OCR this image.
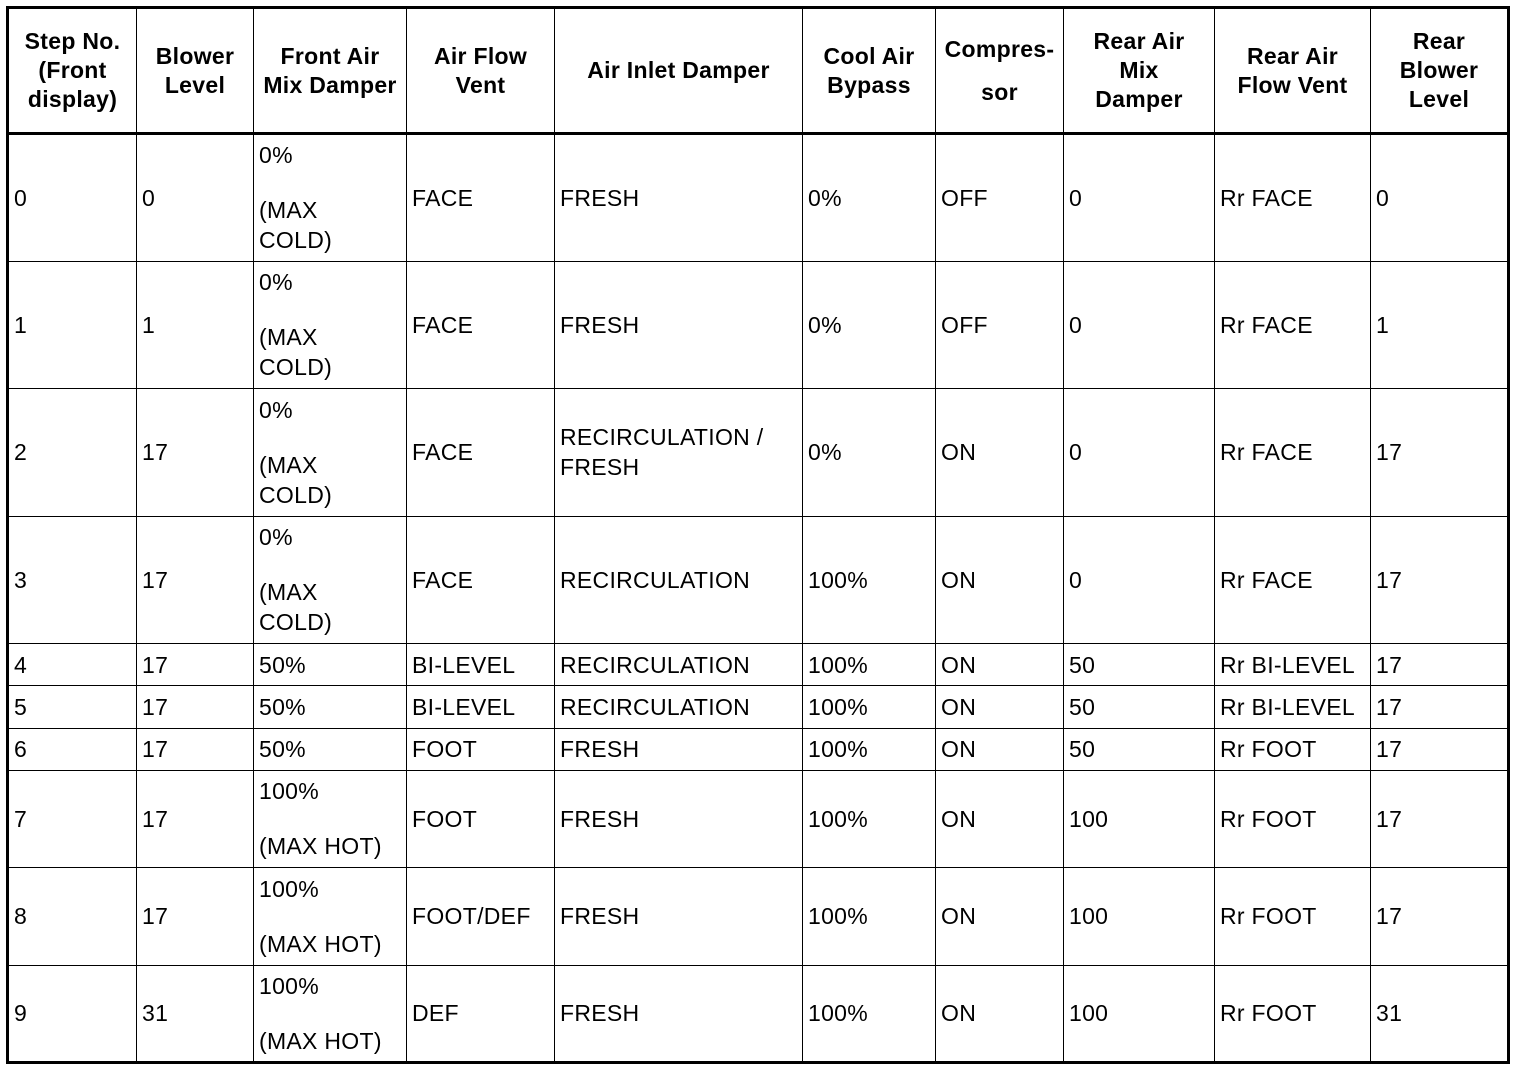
Step No.
(Front
display)	Blower
Level	Front Air
Mix Damper	Air Flow
Vent	Air Inlet Damper	Cool Air
Bypass	Compres-
sor	Rear Air
Mix
Damper	Rear Air
Flow Vent	Rear
Blower
Level

0	0	0%
(MAX
COLD)	FACE	FRESH	0%	OFF	0	Rr FACE	0
1	1	0%
(MAX
COLD)	FACE	FRESH	0%	OFF	0	Rr FACE	1
2	17	0%
(MAX
COLD)	FACE	RECIRCULATION /
FRESH	0%	ON	0	Rr FACE	17
3	17	0%
(MAX
COLD)	FACE	RECIRCULATION	100%	ON	0	Rr FACE	17
4	17	50%	BI-LEVEL	RECIRCULATION	100%	ON	50	Rr BI-LEVEL	17
5	17	50%	BI-LEVEL	RECIRCULATION	100%	ON	50	Rr BI-LEVEL	17
6	17	50%	FOOT	FRESH	100%	ON	50	Rr FOOT	17
7	17	100%
(MAX HOT)	FOOT	FRESH	100%	ON	100	Rr FOOT	17
8	17	100%
(MAX HOT)	FOOT/DEF	FRESH	100%	ON	100	Rr FOOT	17
9	31	100%
(MAX HOT)	DEF	FRESH	100%	ON	100	Rr FOOT	31
